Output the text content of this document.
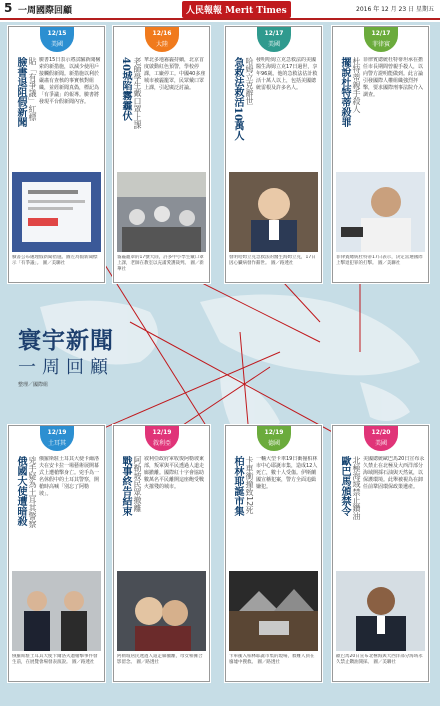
5 一周國際回顧	人民報報 Merit Times	2016 年 12 月 23 日 星期五
寰宇新聞
一周回顧
整理／國際組
12/15
美國
臉書退阻假新聞 貼「有爭議」紅標 臉書15日表示將試驗新聞檢索的新措施，以減少使用戶接觸假新聞。新措施以利於嚴肅有查核的事實核對組織，並經新聞真偽，標記為「有爭議」的報導。臉書將發現平台假新聞內容。
臉書公布處理假新聞措施。圖左為假新聞標示「有爭議」。 圖／美聯社
12/16
大陸
40城陷霧霾伏 老師學生戴口罩上課 華北多地霧霾持續，北京首度啟動紅色預警，學校停課，工廠停工。中國40多座城市被霾籠罩，民眾戴口罩上課，引起廣泛討論。
霧霾籠罩的17號大陸，許多中小學生戴口罩上課，老師在教室以充滿愛護裁判。 圖／新華社
12/17
美國
急救法救活10萬人 哈姆立克辭世 發明哈姆立克急救法的美國醫生海姆立克17日過世，享年96歲。他的急救法估計救活十萬人以上，包括美國總統雷根及許多名人。
發明哈姆立克急救法的醫生海姆立克，17日因心臟病發作辭世。 圖／路透社
12/17
菲律賓
擺說杜特蒂殺罪 杜特蒂親手殺人 菲律賓總統杜特蒂坦承在擔任市長期間曾親手殺人，以向警方證明能做到。此言論引發國際人權組織強烈抨擊，要求國際刑事法院介入調查。
菲律賓總統杜特蒂17日表示，決定當選國際上擊退犯罪的打擊。 圖／美聯社
12/19
土耳其
俄國大使遭暗殺 兇手疑為土耳其警察 俄羅斯駐土耳其大使卡爾洛夫在安卡拉一場藝術展開幕式上遭槍擊身亡。兇手為一名休假中的土耳其警察，開槍時高喊「別忘了阿勒坡」。
俄羅斯駐土耳其大使卡爾洛夫遭槍擊事件發生前，在展覽會場發表演說。 圖／路透社
12/19
敘利亞
戰事終告結束 阿勒坡民眾撤離 敘利亞政府軍收復阿勒坡東部，叛軍與平民透過人道走廊撤離。國際紅十字會協助數萬名平民離開這座飽受戰火摧殘的城市。
阿勒坡居民透過人道走廊撤離，母女相擁合影留念。 圖／路透社
12/19
德國
柏林耶誕市集 卡車衝撞致12死 一輛大型卡車19日衝撞柏林市中心耶誕市集，造成12人死亡，數十人受傷。伊斯蘭國宣稱犯案，警方全面追緝嫌犯。
卡車衝入柏林耶誕市集的現場，救難人員在廢墟中搜救。 圖／路透社
12/20
美國
歐巴馬頒禁令 北極海域禁止鑽油 美國總統歐巴馬20日宣布永久禁止在北極及大西洋部分海域開採石油與天然氣，以保護環境。此舉被視為在卸任前鞏固環保政策遺產。
歐巴馬20日宣布北極海與大西洋部分海域永久禁止鑽油開採。 圖／美聯社
